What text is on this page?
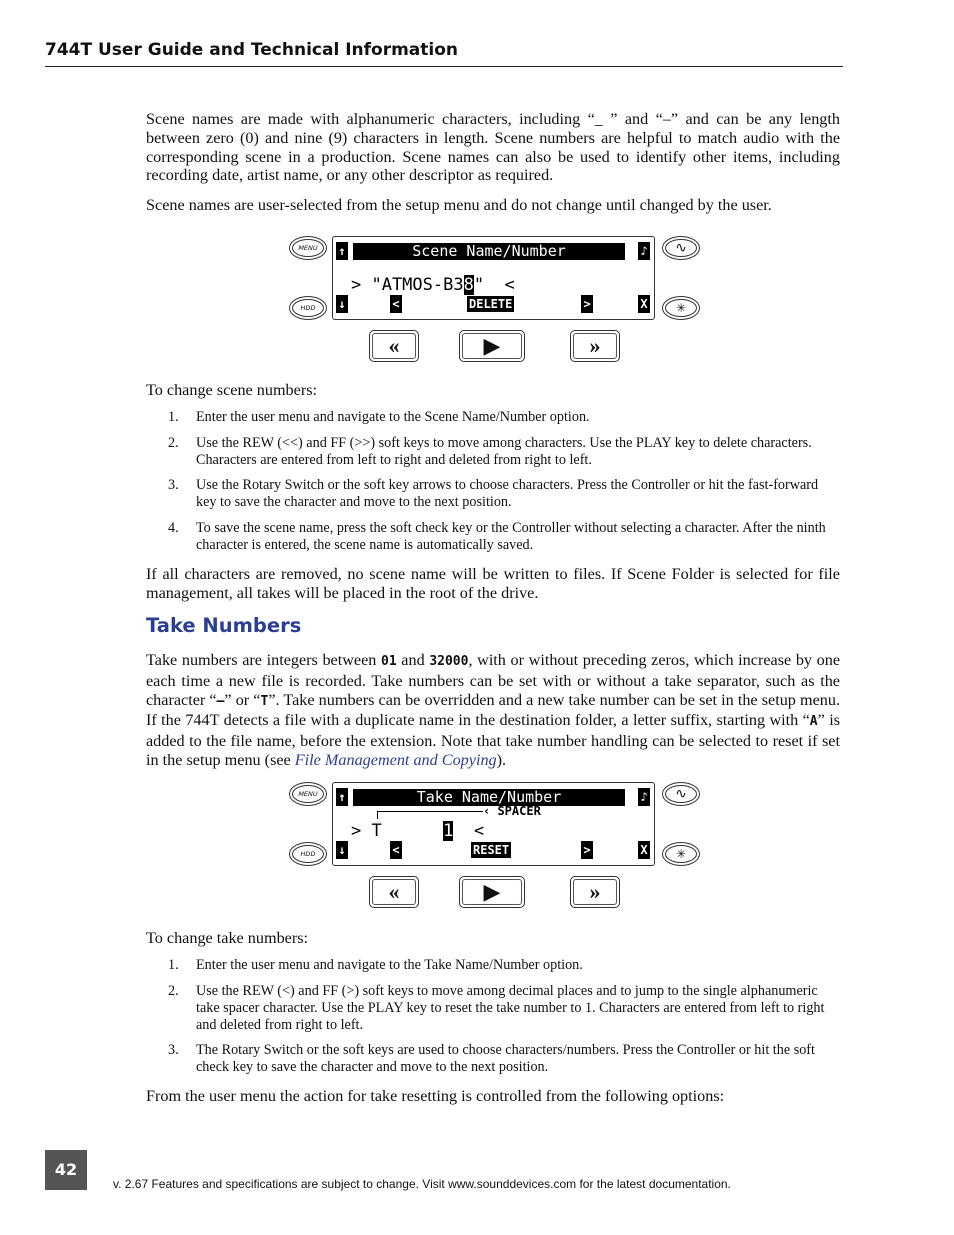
744T User Guide and Technical Information
Scene names are made with alphanumeric characters, including “_ ” and “–” and can be any length between zero (0) and nine (9) characters in length. Scene numbers are helpful to match audio with the corresponding scene in a production. Scene names can also be used to identify other items, including recording date, artist name, or any other descriptor as required.
Scene names are user-selected from the setup menu and do not change until changed by the user.
MENU
HDD
↑	Scene Name/Number	♪
> "ATMOS-B38"  <
↓	<	DELETE	>	X
∿
✳
«	▶	»
To change scene numbers:
1. Enter the user menu and navigate to the Scene Name/Number option.
2. Use the REW (<<) and FF (>>) soft keys to move among characters. Use the PLAY key to delete characters. Characters are entered from left to right and deleted from right to left.
3. Use the Rotary Switch or the soft key arrows to choose characters. Press the Controller or hit the fast-forward key to save the character and move to the next position.
4. To save the scene name, press the soft check key or the Controller without selecting a character. After the ninth character is entered, the scene name is automatically saved.
If all characters are removed, no scene name will be written to files. If Scene Folder is selected for file management, all takes will be placed in the root of the drive.
Take Numbers
Take numbers are integers between 01 and 32000, with or without preceding zeros, which increase by one each time a new file is recorded. Take numbers can be set with or without a take separator, such as the character “–” or “T”. Take numbers can be overridden and a new take number can be set in the setup menu. If the 744T detects a file with a duplicate name in the destination folder, a letter suffix, starting with “A” is added to the file name, before the extension. Note that take number handling can be selected to reset if set in the setup menu (see File Management and Copying).
MENU
HDD
↑	Take Name/Number	♪
‹ SPACER
> T	1 <
↓	<	RESET	>	X
∿
✳
«	▶	»
To change take numbers:
1. Enter the user menu and navigate to the Take Name/Number option.
2. Use the REW (<) and FF (>) soft keys to move among decimal places and to jump to the single alphanumeric take spacer character. Use the PLAY key to reset the take number to 1. Characters are entered from left to right and deleted from right to left.
3. The Rotary Switch or the soft keys are used to choose characters/numbers. Press the Controller or hit the soft check key to save the character and move to the next position.
From the user menu the action for take resetting is controlled from the following options:
42
v. 2.67 Features and specifications are subject to change. Visit www.sounddevices.com for the latest documentation.
